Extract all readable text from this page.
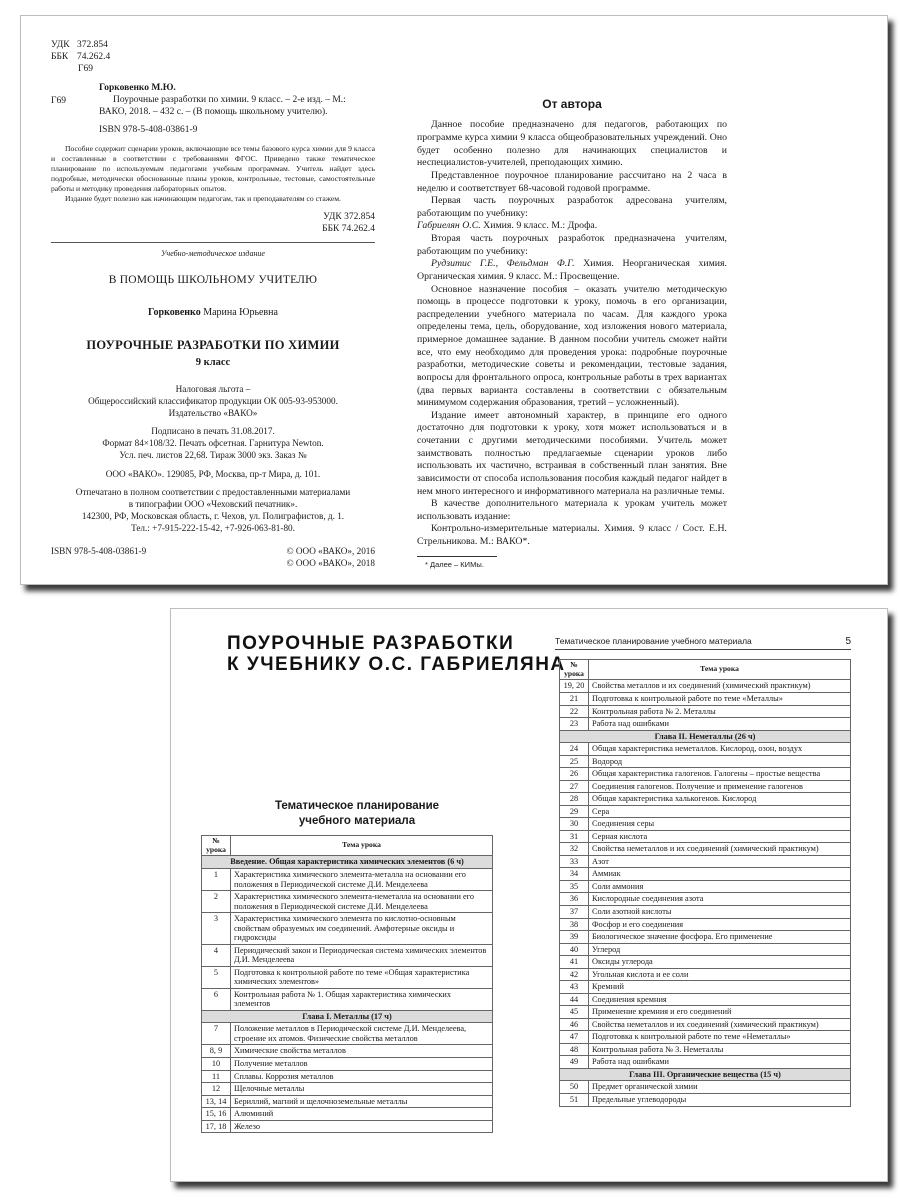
УДК 372.854
ББК 74.262.4
Г69
Г69
Горковенко М.Ю.
Поурочные разработки по химии. 9 класс. – 2-е изд. – М.: ВАКО, 2018. – 432 с. – (В помощь школьному учителю).
ISBN 978-5-408-03861-9

Пособие содержит сценарии уроков, включающие все темы базового курса химии для 9 класса и составленные в соответствии с требованиями ФГОС. Приведено также тематическое планирование по используемым педагогами учебным программам. Учитель найдет здесь подробные, методически обоснованные планы уроков, контрольные, тестовые, самостоятельные работы и методику проведения лабораторных опытов.

Издание будет полезно как начинающим педагогам, так и преподавателям со стажем.

УДК 372.854
ББК 74.262.4
Учебно-методическое издание
В ПОМОЩЬ ШКОЛЬНОМУ УЧИТЕЛЮ
Горковенко Марина Юрьевна
ПОУРОЧНЫЕ РАЗРАБОТКИ ПО ХИМИИ
9 класс
Налоговая льгота –
Общероссийский классификатор продукции ОК 005-93-953000.
Издательство «ВАКО»
Подписано в печать 31.08.2017.
Формат 84×108/32. Печать офсетная. Гарнитура Newton.
Усл. печ. листов 22,68. Тираж 3000 экз. Заказ №
ООО «ВАКО». 129085, РФ, Москва, пр-т Мира, д. 101.
Отпечатано в полном соответствии с предоставленными материалами
в типографии ООО «Чеховский печатник».
142300, РФ, Московская область, г. Чехов, ул. Полиграфистов, д. 1.
Тел.: +7-915-222-15-42, +7-926-063-81-80.
ISBN 978-5-408-03861-9	© ООО «ВАКО», 2016
© ООО «ВАКО», 2018
От автора

Данное пособие предназначено для педагогов, работающих по программе курса химии 9 класса общеобразовательных учреждений. Оно будет особенно полезно для начинающих специалистов и неспециалистов-учителей, преподающих химию.

Представленное поурочное планирование рассчитано на 2 часа в неделю и соответствует 68-часовой годовой программе.

Первая часть поурочных разработок адресована учителям, работающим по учебнику:

Габриелян О.С. Химия. 9 класс. М.: Дрофа.

Вторая часть поурочных разработок предназначена учителям, работающим по учебнику:

Рудзитис Г.Е., Фельдман Ф.Г. Химия. Неорганическая химия. Органическая химия. 9 класс. М.: Просвещение.

Основное назначение пособия – оказать учителю методическую помощь в процессе подготовки к уроку, помочь в его организации, распределении учебного материала по часам. Для каждого урока определены тема, цель, оборудование, ход изложения нового материала, примерное домашнее задание. В данном пособии учитель сможет найти все, что ему необходимо для проведения урока: подробные поурочные разработки, методические советы и рекомендации, тестовые задания, вопросы для фронтального опроса, контрольные работы в трех вариантах (два первых варианта составлены в соответствии с обязательным минимумом содержания образования, третий – усложненный).

Издание имеет автономный характер, в принципе его одного достаточно для подготовки к уроку, хотя может использоваться и в сочетании с другими методическими пособиями. Учитель может заимствовать полностью предлагаемые сценарии уроков либо использовать их частично, встраивая в собственный план занятия. Вне зависимости от способа использования пособия каждый педагог найдет в нем много интересного и информативного материала на различные темы.

В качестве дополнительного материала к урокам учитель может использовать издание:

Контрольно-измерительные материалы. Химия. 9 класс / Сост. Е.Н. Стрельникова. М.: ВАКО*.

* Далее – КИМы.
ПОУРОЧНЫЕ РАЗРАБОТКИ
К УЧЕБНИКУ О.С. ГАБРИЕЛЯНА
Тематическое планирование
учебного материала
№ урока	Тема урока
Введение. Общая характеристика химических элементов (6 ч)	
1	Характеристика химического элемента-металла на основании его положения в Периодической системе Д.И. Менделеева
2	Характеристика химического элемента-неметалла на основании его положения в Периодической системе Д.И. Менделеева
3	Характеристика химического элемента по кислотно-основным свойствам образуемых им соединений. Амфотерные оксиды и гидроксиды
4	Периодический закон и Периодическая система химических элементов Д.И. Менделеева
5	Подготовка к контрольной работе по теме «Общая характеристика химических элементов»
6	Контрольная работа № 1. Общая характеристика химических элементов
Глава I. Металлы (17 ч)	
7	Положение металлов в Периодической системе Д.И. Менделеева, строение их атомов. Физические свойства металлов
8, 9	Химические свойства металлов
10	Получение металлов
11	Сплавы. Коррозия металлов
12	Щелочные металлы
13, 14	Бериллий, магний и щелочноземельные металлы
15, 16	Алюминий
17, 18	Железо
Тематическое планирование учебного материала	5
№ урока	Тема урока
19, 20	Свойства металлов и их соединений (химический практикум)
21	Подготовка к контрольной работе по теме «Металлы»
22	Контрольная работа № 2. Металлы
23	Работа над ошибками
Глава II. Неметаллы (26 ч)	
24	Общая характеристика неметаллов. Кислород, озон, воздух
25	Водород
26	Общая характеристика галогенов. Галогены – простые вещества
27	Соединения галогенов. Получение и применение галогенов
28	Общая характеристика халькогенов. Кислород
29	Сера
30	Соединения серы
31	Серная кислота
32	Свойства неметаллов и их соединений (химический практикум)
33	Азот
34	Аммиак
35	Соли аммония
36	Кислородные соединения азота
37	Соли азотной кислоты
38	Фосфор и его соединения
39	Биологическое значение фосфора. Его применение
40	Углерод
41	Оксиды углерода
42	Угольная кислота и ее соли
43	Кремний
44	Соединения кремния
45	Применение кремния и его соединений
46	Свойства неметаллов и их соединений (химический практикум)
47	Подготовка к контрольной работе по теме «Неметаллы»
48	Контрольная работа № 3. Неметаллы
49	Работа над ошибками
Глава III. Органические вещества (15 ч)	
50	Предмет органической химии
51	Предельные углеводороды
